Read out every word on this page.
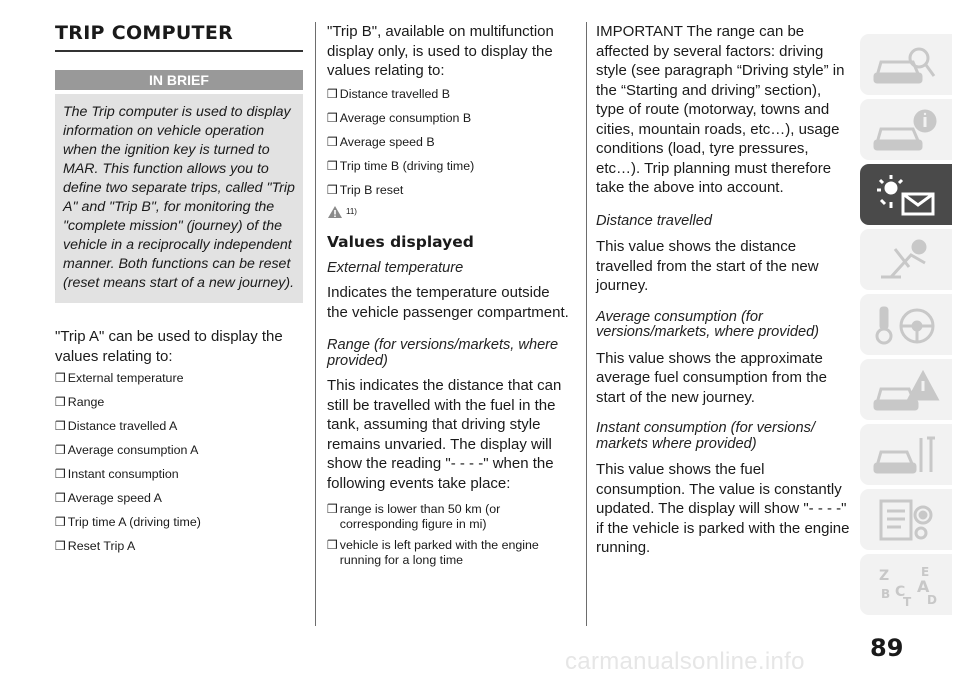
TRIP COMPUTER
IN BRIEF

The Trip computer is used to display information on vehicle operation when the ignition key is turned to MAR. This function allows you to define two separate trips, called "Trip A" and "Trip B", for monitoring the "complete mission" (journey) of the vehicle in a reciprocally independent manner. Both functions can be reset (reset means start of a new journey).

"Trip A" can be used to display the values relating to:

❒ External temperature
❒ Range
❒ Distance travelled A
❒ Average consumption A
❒ Instant consumption
❒ Average speed A
❒ Trip time A (driving time)
❒ Reset Trip A

"Trip B", available on multifunction display only, is used to display the values relating to:

❒ Distance travelled B
❒ Average consumption B
❒ Average speed B
❒ Trip time B (driving time)
❒ Trip B reset
11)
Values displayed

External temperature

Indicates the temperature outside the vehicle passenger compartment.

Range (for versions/markets, where provided)

This indicates the distance that can still be travelled with the fuel in the tank, assuming that driving style remains unvaried. The display will show the reading "- - - -" when the following events take place:

❒ range is lower than 50 km (or corresponding figure in mi)
❒ vehicle is left parked with the engine running for a long time

IMPORTANT The range can be affected by several factors: driving style (see paragraph “Driving style” in the “Starting and driving” section), type of route (motorway, towns and cities, mountain roads, etc…), usage conditions (load, tyre pressures, etc…). Trip planning must therefore take the above into account.

Distance travelled

This value shows the distance travelled from the start of the new journey.

Average consumption (for versions/markets, where provided)

This value shows the approximate average fuel consumption from the start of the new journey.

Instant consumption (for versions/ markets where provided)

This value shows the fuel consumption. The value is constantly updated. The display will show "- - - -" if the vehicle is parked with the engine running.

Z	E
A
B C
T D
89
carmanualsonline.info
